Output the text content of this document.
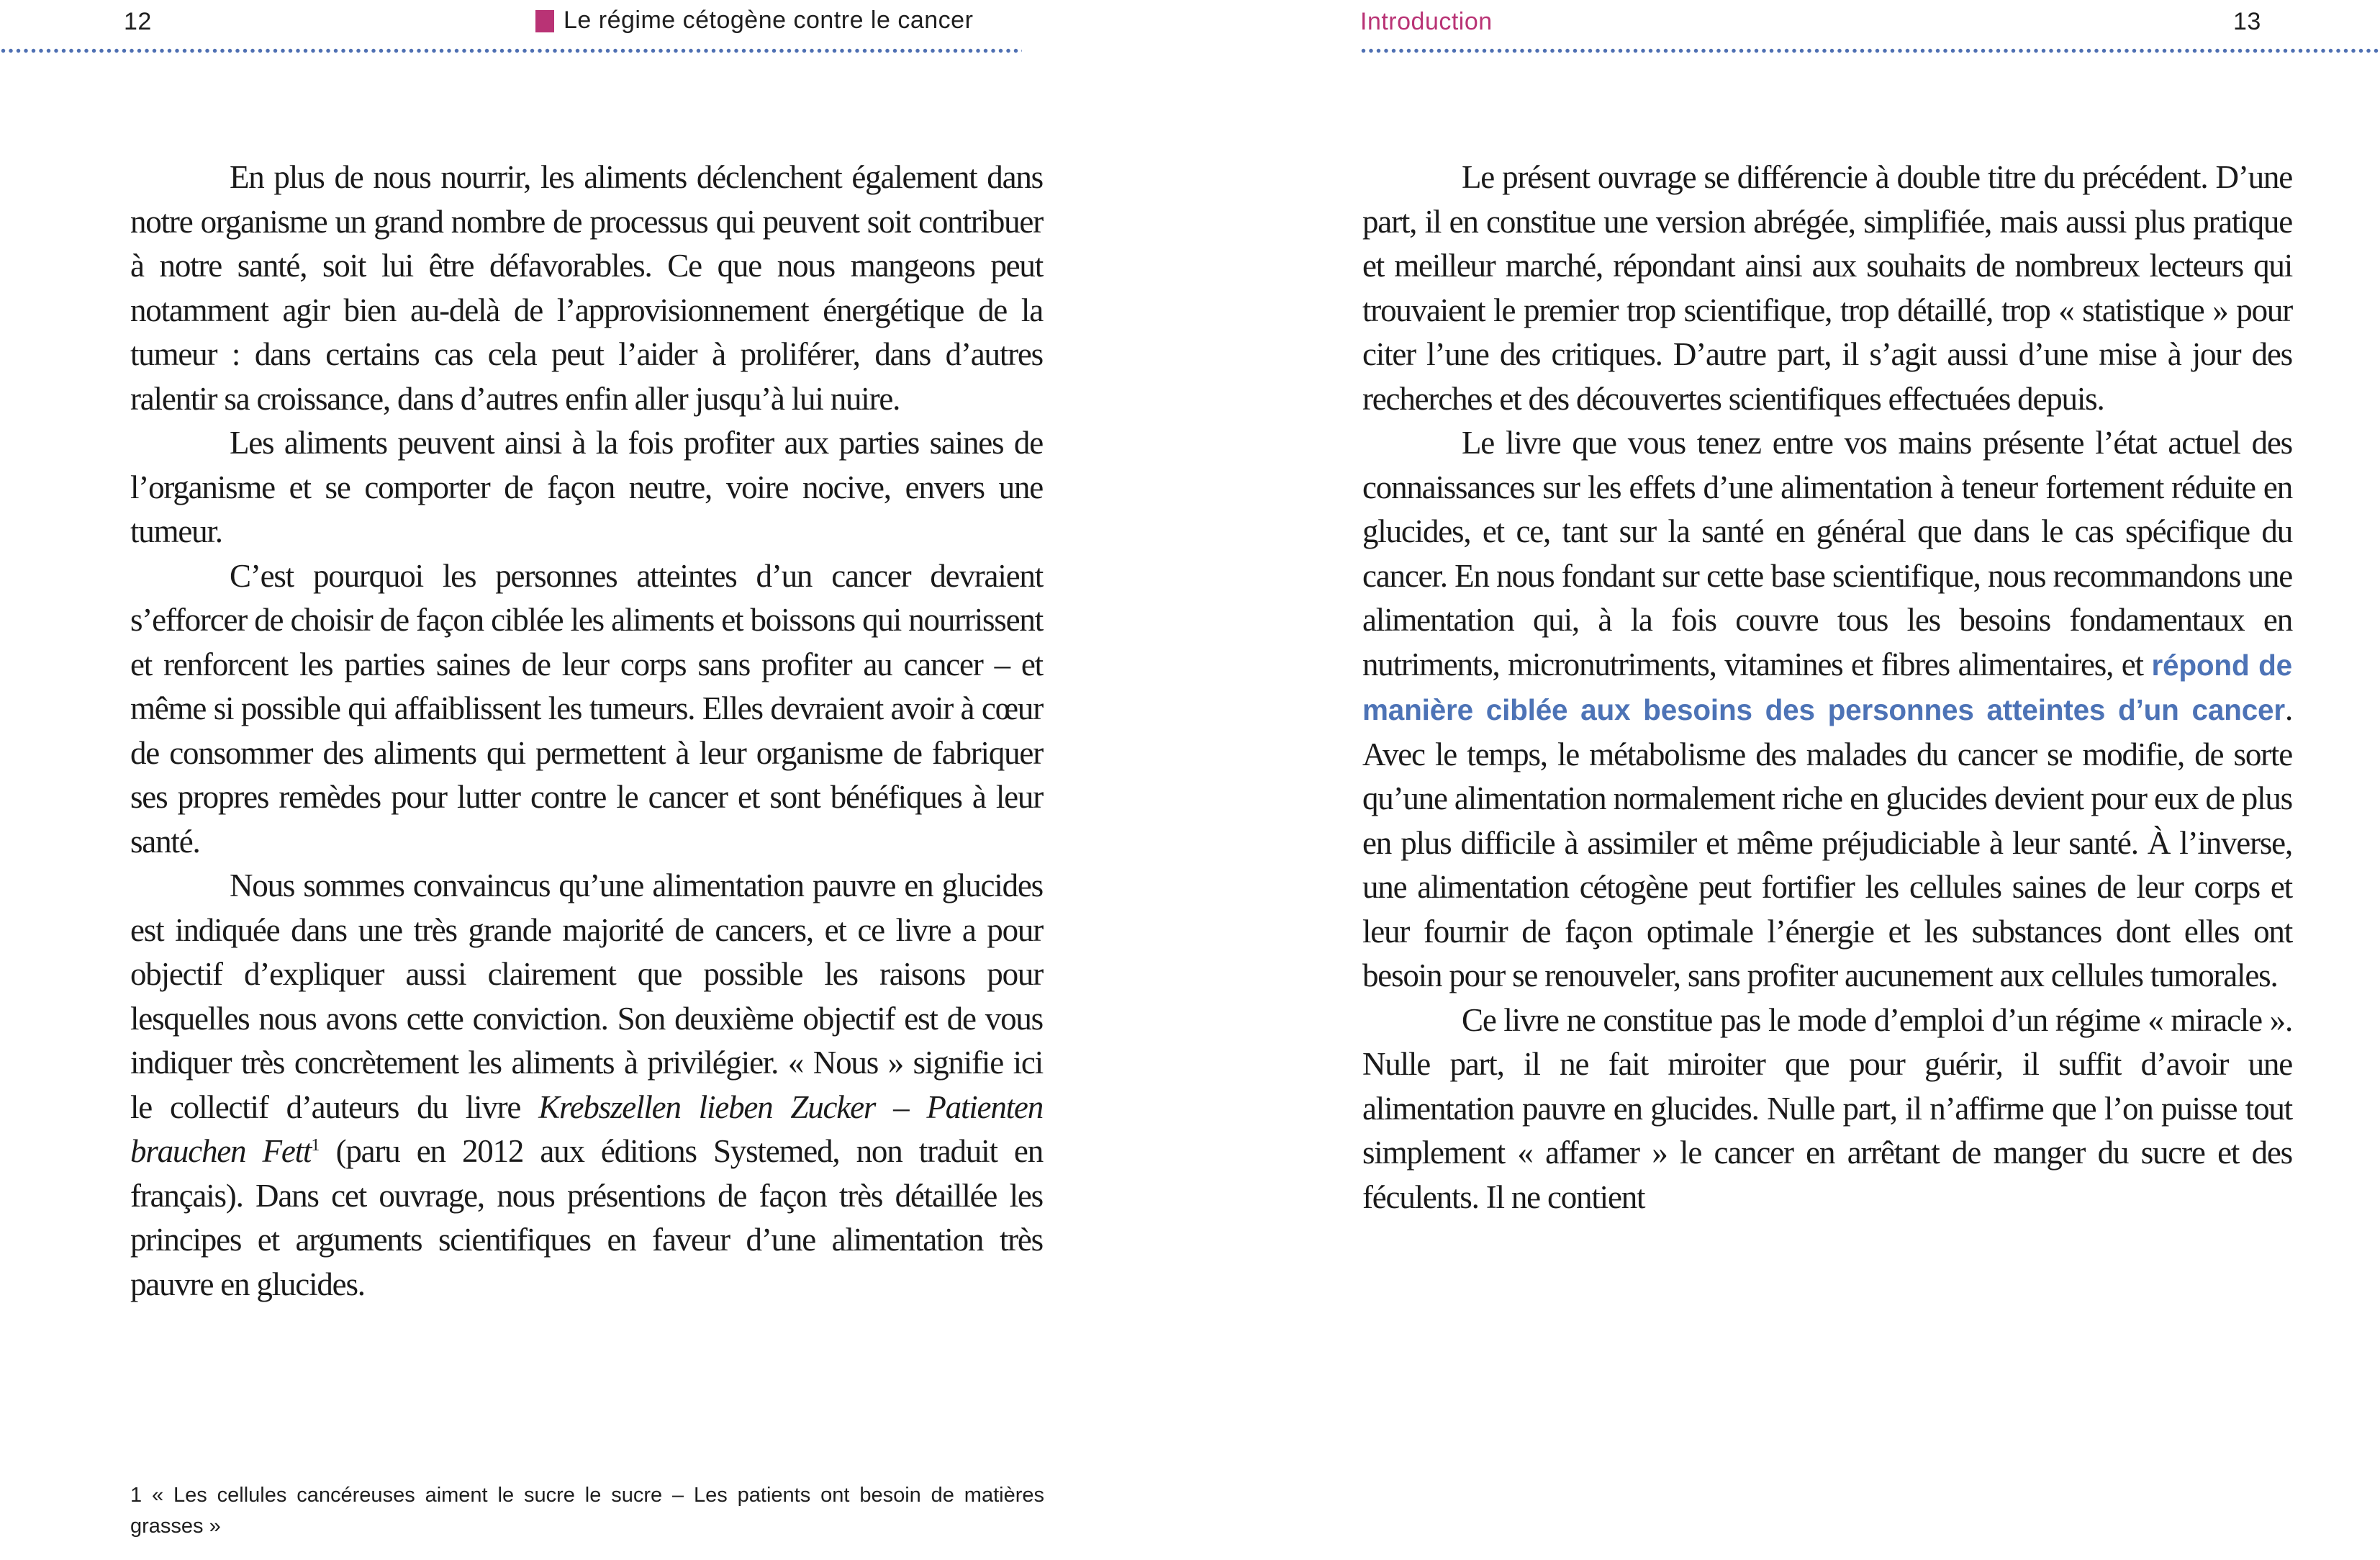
12	Le régime cétogène contre le cancer

En plus de nous nourrir, les aliments déclenchent également dans notre organisme un grand nombre de processus qui peuvent soit contribuer à notre santé, soit lui être défavorables. Ce que nous mangeons peut notamment agir bien au-delà de l’approvisionnement énergétique de la tumeur : dans certains cas cela peut l’aider à proliférer, dans d’autres ralentir sa croissance, dans d’autres enfin aller jusqu’à lui nuire.

Les aliments peuvent ainsi à la fois profiter aux parties saines de l’organisme et se comporter de façon neutre, voire nocive, envers une tumeur.

C’est pourquoi les personnes atteintes d’un cancer devraient s’efforcer de choisir de façon ciblée les aliments et boissons qui nourrissent et renforcent les parties saines de leur corps sans profiter au cancer – et même si possible qui affaiblissent les tumeurs. Elles devraient avoir à cœur de consommer des aliments qui permettent à leur organisme de fabriquer ses propres remèdes pour lutter contre le cancer et sont bénéfiques à leur santé.

Nous sommes convaincus qu’une alimentation pauvre en glucides est indiquée dans une très grande majorité de cancers, et ce livre a pour objectif d’expliquer aussi clairement que possible les raisons pour lesquelles nous avons cette conviction. Son deuxième objectif est de vous indiquer très concrètement les aliments à privilégier. « Nous » signifie ici le collectif d’auteurs du livre Krebszellen lieben Zucker – Patienten brauchen Fett$^1$ (paru en 2012 aux éditions Systemed, non traduit en français). Dans cet ouvrage, nous présentions de façon très détaillée les principes et arguments scientifiques en faveur d’une alimentation très pauvre en glucides.

1 « Les cellules cancéreuses aiment le sucre le sucre – Les patients ont besoin de matières grasses »
Introduction	13

Le présent ouvrage se différencie à double titre du précédent. D’une part, il en constitue une version abrégée, simplifiée, mais aussi plus pratique et meilleur marché, répondant ainsi aux souhaits de nombreux lecteurs qui trouvaient le premier trop scientifique, trop détaillé, trop « statistique » pour citer l’une des critiques. D’autre part, il s’agit aussi d’une mise à jour des recherches et des découvertes scientifiques effectuées depuis.

Le livre que vous tenez entre vos mains présente l’état actuel des connaissances sur les effets d’une alimentation à teneur fortement réduite en glucides, et ce, tant sur la santé en général que dans le cas spécifique du cancer. En nous fondant sur cette base scientifique, nous recommandons une alimentation qui, à la fois couvre tous les besoins fondamentaux en nutriments, micronutriments, vitamines et fibres alimentaires, et répond de manière ciblée aux besoins des personnes atteintes d’un cancer. Avec le temps, le métabolisme des malades du cancer se modifie, de sorte qu’une alimentation normalement riche en glucides devient pour eux de plus en plus difficile à assimiler et même préjudiciable à leur santé. À l’inverse, une alimentation cétogène peut fortifier les cellules saines de leur corps et leur fournir de façon optimale l’énergie et les substances dont elles ont besoin pour se renouveler, sans profiter aucunement aux cellules tumorales.

Ce livre ne constitue pas le mode d’emploi d’un régime « miracle ». Nulle part, il ne fait miroiter que pour guérir, il suffit d’avoir une alimentation pauvre en glucides. Nulle part, il n’affirme que l’on puisse tout simplement « affamer » le cancer en arrêtant de manger du sucre et des féculents. Il ne contient
